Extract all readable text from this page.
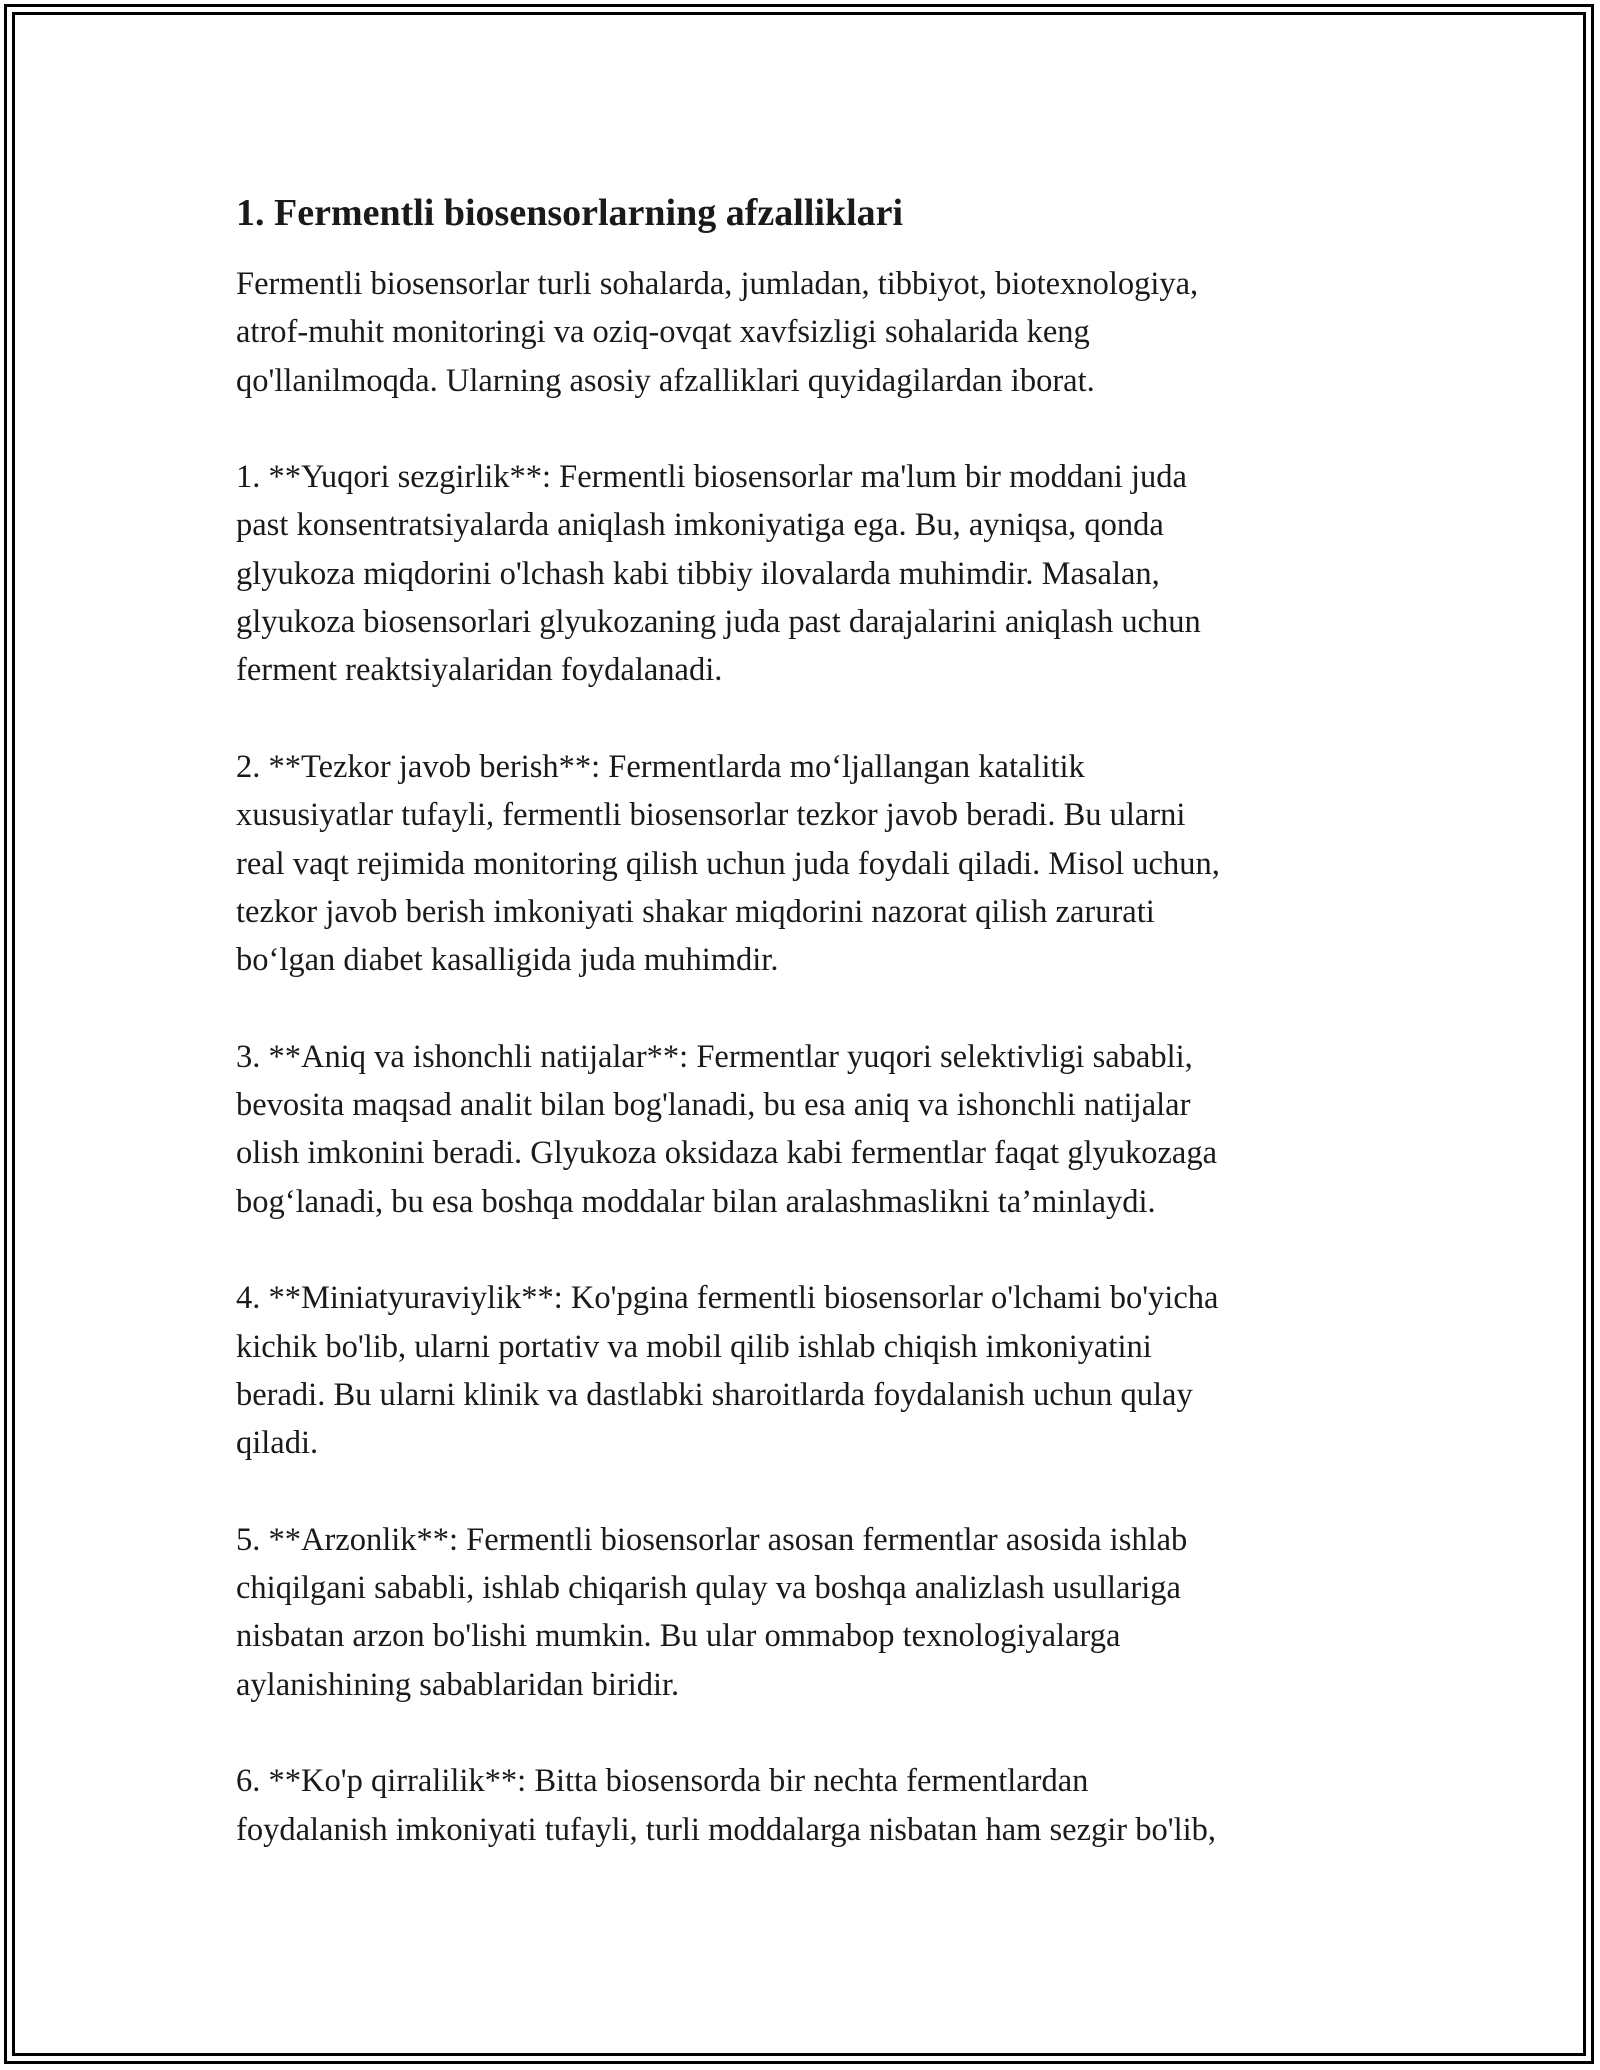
1. Fermentli biosensorlarning afzalliklari

Fermentli biosensorlar turli sohalarda, jumladan, tibbiyot, biotexnologiya,
atrof-muhit monitoringi va oziq-ovqat xavfsizligi sohalarida keng
qo'llanilmoqda. Ularning asosiy afzalliklari quyidagilardan iborat.

1. **Yuqori sezgirlik**: Fermentli biosensorlar ma'lum bir moddani juda
past konsentratsiyalarda aniqlash imkoniyatiga ega. Bu, ayniqsa, qonda
glyukoza miqdorini o'lchash kabi tibbiy ilovalarda muhimdir. Masalan,
glyukoza biosensorlari glyukozaning juda past darajalarini aniqlash uchun
ferment reaktsiyalaridan foydalanadi.

2. **Tezkor javob berish**: Fermentlarda mo‘ljallangan katalitik
xususiyatlar tufayli, fermentli biosensorlar tezkor javob beradi. Bu ularni
real vaqt rejimida monitoring qilish uchun juda foydali qiladi. Misol uchun,
tezkor javob berish imkoniyati shakar miqdorini nazorat qilish zarurati
bo‘lgan diabet kasalligida juda muhimdir.

3. **Aniq va ishonchli natijalar**: Fermentlar yuqori selektivligi sababli,
bevosita maqsad analit bilan bog'lanadi, bu esa aniq va ishonchli natijalar
olish imkonini beradi. Glyukoza oksidaza kabi fermentlar faqat glyukozaga
bog‘lanadi, bu esa boshqa moddalar bilan aralashmaslikni ta’minlaydi.

4. **Miniatyuraviylik**: Ko'pgina fermentli biosensorlar o'lchami bo'yicha
kichik bo'lib, ularni portativ va mobil qilib ishlab chiqish imkoniyatini
beradi. Bu ularni klinik va dastlabki sharoitlarda foydalanish uchun qulay
qiladi.

5. **Arzonlik**: Fermentli biosensorlar asosan fermentlar asosida ishlab
chiqilgani sababli, ishlab chiqarish qulay va boshqa analizlash usullariga
nisbatan arzon bo'lishi mumkin. Bu ular ommabop texnologiyalarga
aylanishining sabablaridan biridir.

6. **Ko'p qirralilik**: Bitta biosensorda bir nechta fermentlardan
foydalanish imkoniyati tufayli, turli moddalarga nisbatan ham sezgir bo'lib,
